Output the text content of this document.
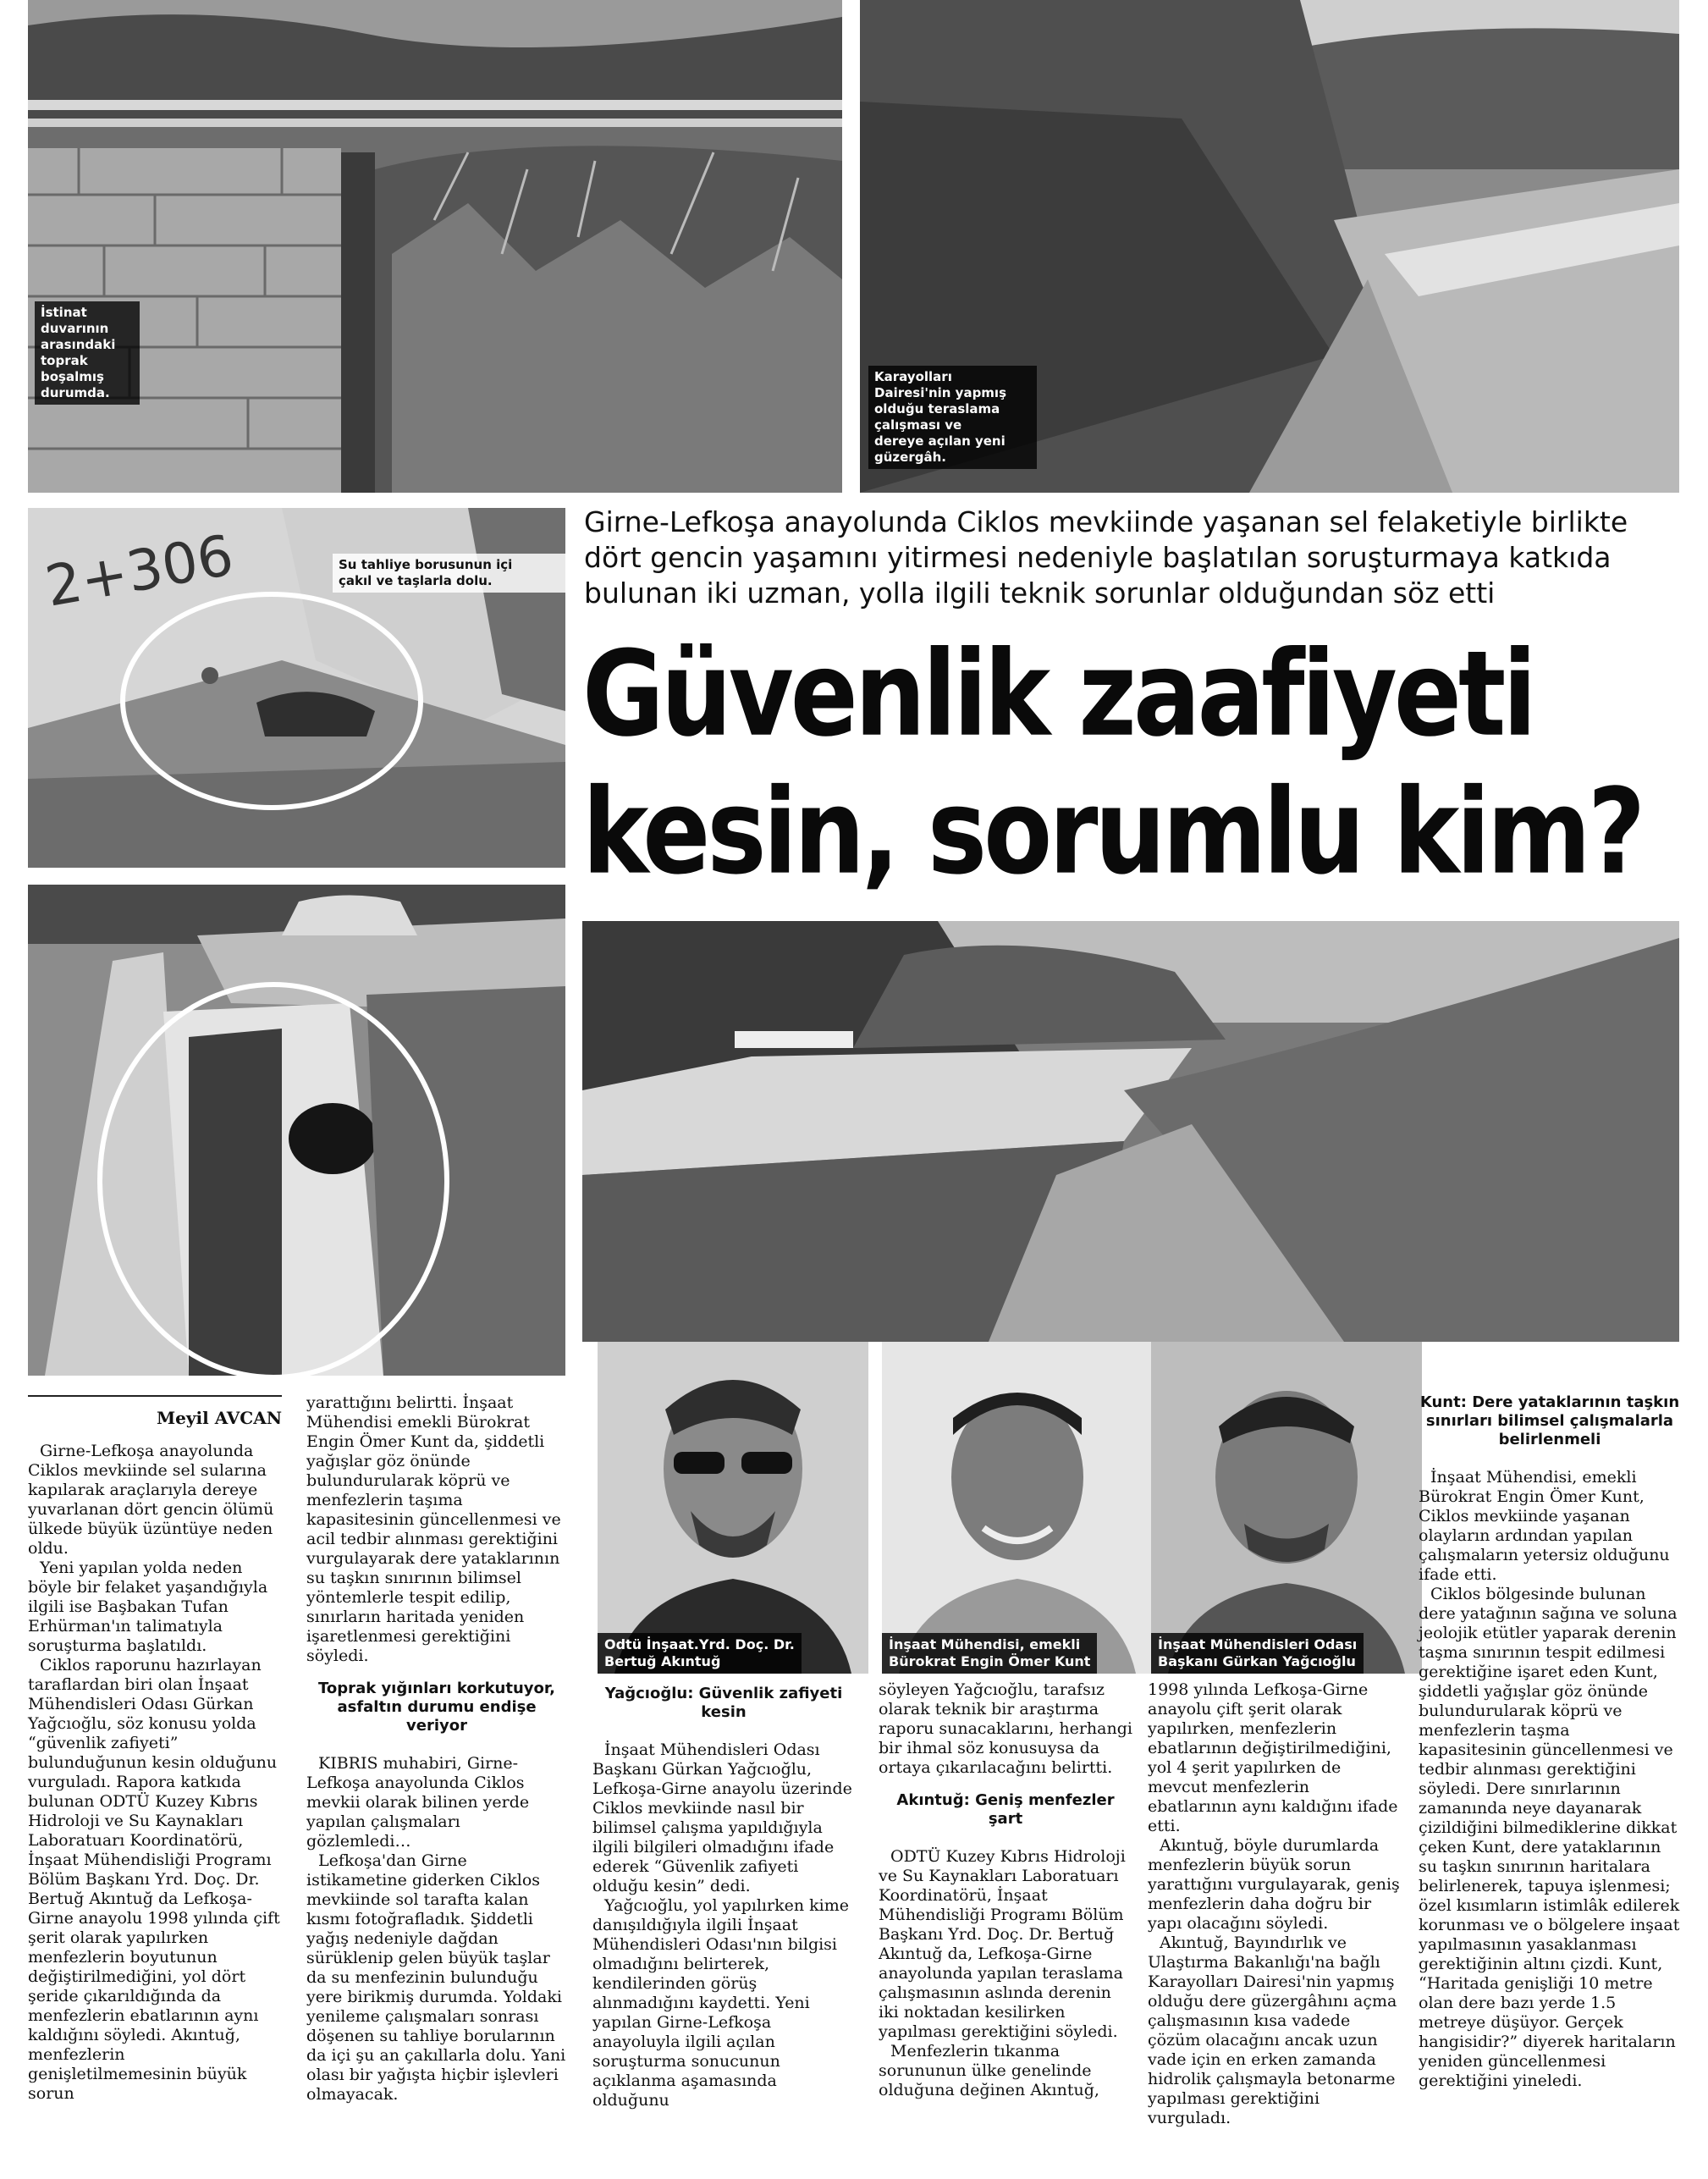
İstinat
duvarının
arasındaki
toprak
boşalmış
durumda.
Karayolları
Dairesi'nin yapmış
olduğu teraslama
çalışması ve
dereye açılan yeni
güzergâh.
2+306	Su tahliye borusunun içi
çakıl ve taşlarla dolu.
Girne-Lefkoşa anayolunda Ciklos mevkiinde yaşanan sel felaketiyle birlikte dört gencin yaşamını yitirmesi nedeniyle başlatılan soruşturmaya katkıda bulunan iki uzman, yolla ilgili teknik sorunlar olduğundan söz etti
Güvenlik zaafiyeti
kesin, sorumlu kim?
Odtü İnşaat.Yrd. Doç. Dr.
Bertuğ Akıntuğ
İnşaat Mühendisi, emekli
Bürokrat Engin Ömer Kunt
İnşaat Mühendisleri Odası
Başkanı Gürkan Yağcıoğlu
Meyil AVCAN

Girne-Lefkoşa anayolunda Ciklos mevkiinde sel sularına kapılarak araçlarıyla dereye yuvarlanan dört gencin ölümü ülkede büyük üzüntüye neden oldu.

Yeni yapılan yolda neden böyle bir felaket yaşandığıyla ilgili ise Başbakan Tufan Erhürman'ın talimatıyla soruşturma başlatıldı.

Ciklos raporunu hazırlayan taraflardan biri olan İnşaat Mühendisleri Odası Gürkan Yağcıoğlu, söz konusu yolda “güvenlik zafiyeti” bulunduğunun kesin olduğunu vurguladı. Rapora katkıda bulunan ODTÜ Kuzey Kıbrıs Hidroloji ve Su Kaynakları Laboratuarı Koordinatörü, İnşaat Mühendisliği Programı Bölüm Başkanı Yrd. Doç. Dr. Bertuğ Akıntuğ da Lefkoşa-Girne anayolu 1998 yılında çift şerit olarak yapılırken menfezlerin boyutunun değiştirilmediğini, yol dört şeride çıkarıldığında da menfezlerin ebatlarının aynı kaldığını söyledi. Akıntuğ, menfezlerin genişletilmemesinin büyük sorun

yarattığını belirtti. İnşaat Mühendisi emekli Bürokrat Engin Ömer Kunt da, şiddetli yağışlar göz önünde bulundurularak köprü ve menfezlerin taşıma kapasitesinin güncellenmesi ve acil tedbir alınması gerektiğini vurgulayarak dere yataklarının su taşkın sınırının bilimsel yöntemlerle tespit edilip, sınırların haritada yeniden işaretlenmesi gerektiğini söyledi.

Toprak yığınları korkutuyor, asfaltın durumu endişe veriyor

KIBRIS muhabiri, Girne-Lefkoşa anayolunda Ciklos mevkii olarak bilinen yerde yapılan çalışmaları gözlemledi…

Lefkoşa'dan Girne istikametine giderken Ciklos mevkiinde sol tarafta kalan kısmı fotoğrafladık. Şiddetli yağış nedeniyle dağdan sürüklenip gelen büyük taşlar da su menfezinin bulunduğu yere birikmiş durumda. Yoldaki yenileme çalışmaları sonrası döşenen su tahliye borularının da içi şu an çakıllarla dolu. Yani olası bir yağışta hiçbir işlevleri olmayacak.

Yağcıoğlu: Güvenlik zafiyeti kesin

İnşaat Mühendisleri Odası Başkanı Gürkan Yağcıoğlu, Lefkoşa-Girne anayolu üzerinde Ciklos mevkiinde nasıl bir bilimsel çalışma yapıldığıyla ilgili bilgileri olmadığını ifade ederek “Güvenlik zafiyeti olduğu kesin” dedi.

Yağcıoğlu, yol yapılırken kime danışıldığıyla ilgili İnşaat Mühendisleri Odası'nın bilgisi olmadığını belirterek, kendilerinden görüş alınmadığını kaydetti. Yeni yapılan Girne-Lefkoşa anayoluyla ilgili açılan soruşturma sonucunun açıklanma aşamasında olduğunu

söyleyen Yağcıoğlu, tarafsız olarak teknik bir araştırma raporu sunacaklarını, herhangi bir ihmal söz konusuysa da ortaya çıkarılacağını belirtti.

Akıntuğ: Geniş menfezler şart

ODTÜ Kuzey Kıbrıs Hidroloji ve Su Kaynakları Laboratuarı Koordinatörü, İnşaat Mühendisliği Programı Bölüm Başkanı Yrd. Doç. Dr. Bertuğ Akıntuğ da, Lefkoşa-Girne anayolunda yapılan teraslama çalışmasının aslında derenin iki noktadan kesilirken yapılması gerektiğini söyledi.

Menfezlerin tıkanma sorununun ülke genelinde olduğuna değinen Akıntuğ,

1998 yılında Lefkoşa-Girne anayolu çift şerit olarak yapılırken, menfezlerin ebatlarının değiştirilmediğini, yol 4 şerit yapılırken de mevcut menfezlerin ebatlarının aynı kaldığını ifade etti.

Akıntuğ, böyle durumlarda menfezlerin büyük sorun yarattığını vurgulayarak, geniş menfezlerin daha doğru bir yapı olacağını söyledi.

Akıntuğ, Bayındırlık ve Ulaştırma Bakanlığı'na bağlı Karayolları Dairesi'nin yapmış olduğu dere güzergâhını açma çalışmasının kısa vadede çözüm olacağını ancak uzun vade için en erken zamanda hidrolik çalışmayla betonarme yapılması gerektiğini vurguladı.

Kunt: Dere yataklarının taşkın sınırları bilimsel çalışmalarla belirlenmeli

İnşaat Mühendisi, emekli Bürokrat Engin Ömer Kunt, Ciklos mevkiinde yaşanan olayların ardından yapılan çalışmaların yetersiz olduğunu ifade etti.

Ciklos bölgesinde bulunan dere yatağının sağına ve soluna jeolojik etütler yaparak derenin taşma sınırının tespit edilmesi gerektiğine işaret eden Kunt, şiddetli yağışlar göz önünde bulundurularak köprü ve menfezlerin taşma kapasitesinin güncellenmesi ve tedbir alınması gerektiğini söyledi. Dere sınırlarının zamanında neye dayanarak çizildiğini bilmediklerine dikkat çeken Kunt, dere yataklarının su taşkın sınırının haritalara belirlenerek, tapuya işlenmesi; özel kısımların istimlâk edilerek korunması ve o bölgelere inşaat yapılmasının yasaklanması gerektiğinin altını çizdi. Kunt, “Haritada genişliği 10 metre olan dere bazı yerde 1.5 metreye düşüyor. Gerçek hangisidir?” diyerek haritaların yeniden güncellenmesi gerektiğini yineledi.
